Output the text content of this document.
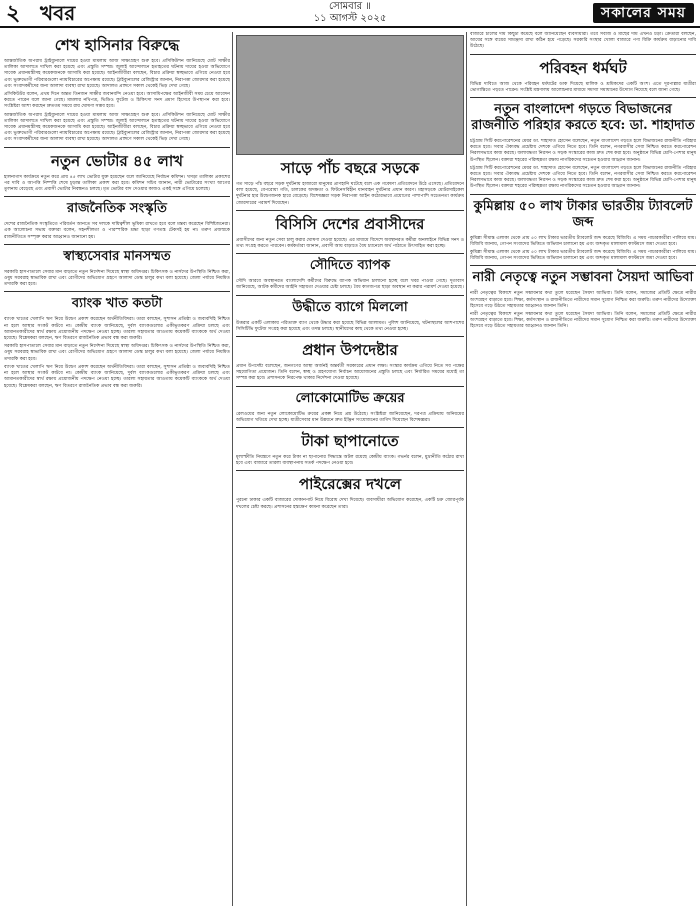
২ খবর	সোমবার ॥
১১ আগস্ট ২০২৫	সকালের সময়
শেখ হাসিনার বিরুদ্ধে

আন্তর্জাতিক অপরাধ ট্রাইব্যুনালে দায়ের হওয়া মামলায় আজ সাক্ষ্যগ্রহণ শুরু হবে। প্রসিকিউশন জানিয়েছে মোট সাক্ষীর তালিকা আদালতে দাখিল করা হয়েছে এবং প্রস্তুতি সম্পন্ন। জুলাই আন্দোলনে হতাহতের ঘটনায় দায়ের হওয়া অভিযোগে সাবেক প্রধানমন্ত্রীসহ কয়েকজনকে আসামি করা হয়েছে। আইনজীবীরা বলছেন, বিচার প্রক্রিয়া স্বচ্ছভাবে এগিয়ে নেওয়া হবে এবং ভুক্তভোগী পরিবারগুলো ন্যায়বিচারের অপেক্ষায় রয়েছে। ট্রাইব্যুনালের রেজিস্ট্রার জানান, নিরাপত্তা জোরদার করা হয়েছে এবং সংবাদকর্মীদের জন্য আলাদা ব্যবস্থা রাখা হয়েছে। আদালত প্রাঙ্গণে সকাল থেকেই ভিড় দেখা গেছে।

প্রসিকিউটর বলেন, প্রথম দিনে অন্তত তিনজন সাক্ষীর জবানবন্দি নেওয়া হবে। আসামিপক্ষের আইনজীবী সময় চেয়ে আবেদন করতে পারেন বলে জানা গেছে। মামলার নথিপত্র, ভিডিও ফুটেজ ও চিকিৎসা সনদ প্রমাণ হিসেবে উপস্থাপন করা হবে। সংশ্লিষ্টরা আশা করছেন দ্রুততম সময়ে রায় ঘোষণা সম্ভব হবে।

আন্তর্জাতিক অপরাধ ট্রাইব্যুনালে দায়ের হওয়া মামলায় আজ সাক্ষ্যগ্রহণ শুরু হবে। প্রসিকিউশন জানিয়েছে মোট সাক্ষীর তালিকা আদালতে দাখিল করা হয়েছে এবং প্রস্তুতি সম্পন্ন। জুলাই আন্দোলনে হতাহতের ঘটনায় দায়ের হওয়া অভিযোগে সাবেক প্রধানমন্ত্রীসহ কয়েকজনকে আসামি করা হয়েছে। আইনজীবীরা বলছেন, বিচার প্রক্রিয়া স্বচ্ছভাবে এগিয়ে নেওয়া হবে এবং ভুক্তভোগী পরিবারগুলো ন্যায়বিচারের অপেক্ষায় রয়েছে। ট্রাইব্যুনালের রেজিস্ট্রার জানান, নিরাপত্তা জোরদার করা হয়েছে এবং সংবাদকর্মীদের জন্য আলাদা ব্যবস্থা রাখা হয়েছে। আদালত প্রাঙ্গণে সকাল থেকেই ভিড় দেখা গেছে।

নতুন ভোটার ৪৫ লাখ

হালনাগাদ কার্যক্রমে নতুন করে প্রায় ৪৫ লাখ ভোটার যুক্ত হয়েছেন বলে জানিয়েছে নির্বাচন কমিশন। খসড়া তালিকা প্রকাশের পর দাবি ও আপত্তি নিষ্পত্তি শেষে চূড়ান্ত তালিকা প্রকাশ করা হবে। কমিশন সচিব জানান, নারী ভোটারের সংখ্যা আগের তুলনায় বেড়েছে এবং প্রবাসী ভোটার নিবন্ধনও চলছে। মৃত ভোটার বাদ দেওয়ার কাজও একই সঙ্গে এগিয়ে চলেছে।

রাজনৈতিক সংস্কৃতি

দেশের রাজনৈতিক সংস্কৃতিতে পরিবর্তন আনতে সব দলকে দায়িত্বশীল ভূমিকা রাখতে হবে বলে মন্তব্য করেছেন বিশিষ্টজনেরা। এক আলোচনা সভায় বক্তারা বলেন, সহনশীলতা ও পারস্পরিক শ্রদ্ধা ছাড়া গণতন্ত্র টেকসই হয় না। তরুণ প্রজন্মকে রাজনীতিতে সম্পৃক্ত করার আহ্বানও জানানো হয়।

স্বাস্থ্যসেবার মানসম্মত

সরকারি হাসপাতালে সেবার মান বাড়াতে নতুন নির্দেশনা দিয়েছে স্বাস্থ্য অধিদপ্তর। চিকিৎসক ও নার্সদের উপস্থিতি নিশ্চিত করা, ওষুধ সরবরাহ স্বাভাবিক রাখা এবং রোগীদের অভিযোগ গ্রহণে আলাদা ডেস্ক চালুর কথা বলা হয়েছে। জেলা পর্যায়ে নিয়মিত তদারকি করা হবে।

ব্যাংক খাত কতটা

ব্যাংক খাতের খেলাপি ঋণ নিয়ে উদ্বেগ প্রকাশ করেছেন অর্থনীতিবিদরা। তারা বলছেন, সুশাসন প্রতিষ্ঠা ও জবাবদিহি নিশ্চিত না হলে আস্থার সংকট কাটবে না। কেন্দ্রীয় ব্যাংক জানিয়েছে, দুর্বল ব্যাংকগুলোর একীভূতকরণ প্রক্রিয়া চলছে এবং আমানতকারীদের স্বার্থ রক্ষায় প্রয়োজনীয় পদক্ষেপ নেওয়া হচ্ছে। তারল্য সহায়তার আওতায় কয়েকটি ব্যাংককে অর্থ দেওয়া হয়েছে। বিশ্লেষকরা বলছেন, ঋণ বিতরণে রাজনৈতিক প্রভাব বন্ধ করা জরুরি।

সরকারি হাসপাতালে সেবার মান বাড়াতে নতুন নির্দেশনা দিয়েছে স্বাস্থ্য অধিদপ্তর। চিকিৎসক ও নার্সদের উপস্থিতি নিশ্চিত করা, ওষুধ সরবরাহ স্বাভাবিক রাখা এবং রোগীদের অভিযোগ গ্রহণে আলাদা ডেস্ক চালুর কথা বলা হয়েছে। জেলা পর্যায়ে নিয়মিত তদারকি করা হবে।

ব্যাংক খাতের খেলাপি ঋণ নিয়ে উদ্বেগ প্রকাশ করেছেন অর্থনীতিবিদরা। তারা বলছেন, সুশাসন প্রতিষ্ঠা ও জবাবদিহি নিশ্চিত না হলে আস্থার সংকট কাটবে না। কেন্দ্রীয় ব্যাংক জানিয়েছে, দুর্বল ব্যাংকগুলোর একীভূতকরণ প্রক্রিয়া চলছে এবং আমানতকারীদের স্বার্থ রক্ষায় প্রয়োজনীয় পদক্ষেপ নেওয়া হচ্ছে। তারল্য সহায়তার আওতায় কয়েকটি ব্যাংককে অর্থ দেওয়া হয়েছে। বিশ্লেষকরা বলছেন, ঋণ বিতরণে রাজনৈতিক প্রভাব বন্ধ করা জরুরি।

সাড়ে পাঁচ বছরে সড়কে

গত সাড়ে পাঁচ বছরে সড়ক দুর্ঘটনায় হাজারো মানুষের প্রাণহানি ঘটেছে বলে এক গবেষণা প্রতিবেদনে উঠে এসেছে। প্রতিবেদনে বলা হয়েছে, বেপরোয়া গতি, চালকের অদক্ষতা ও ফিটনেসবিহীন যানবাহন দুর্ঘটনার প্রধান কারণ। মহাসড়কে মোটরসাইকেল দুর্ঘটনার হার উদ্বেগজনক হারে বেড়েছে। বিশেষজ্ঞরা সড়ক নিরাপত্তা আইন কঠোরভাবে প্রয়োগের পাশাপাশি সচেতনতা কার্যক্রম জোরদারের পরামর্শ দিয়েছেন।

বিসিসি দেশের প্রবাসীদের

প্রবাসীদের জন্য নতুন সেবা চালু করার ঘোষণা দেওয়া হয়েছে। এর মাধ্যমে বিদেশে অবস্থানরত কর্মীরা অনলাইনে বিভিন্ন সনদ ও তথ্য সংগ্রহ করতে পারবেন। কর্মকর্তারা জানান, প্রবাসী আয় বাড়াতে বৈধ চ্যানেলে অর্থ পাঠাতে উৎসাহিত করা হচ্ছে।

সৌদিতে ব্যাপক

সৌদি আরবে অবস্থানরত বাংলাদেশি কর্মীদের বিরুদ্ধে ব্যাপক অভিযান চালানো হচ্ছে বলে খবর পাওয়া গেছে। দূতাবাস জানিয়েছে, আটক কর্মীদের আইনি সহায়তা দেওয়ার চেষ্টা চলছে। বৈধ কাগজপত্র ছাড়া অবস্থান না করার পরামর্শ দেওয়া হয়েছে।

উদ্ধীতে ব্যাগে মিললো

উত্তরার একটি এলাকায় পরিত্যক্ত ব্যাগ থেকে উদ্ধার করা হয়েছে বিভিন্ন আলামত। পুলিশ জানিয়েছে, ঘটনাস্থলের আশপাশের সিসিটিভি ফুটেজ সংগ্রহ করা হয়েছে এবং তদন্ত চলছে। স্থানীয়দের কাছ থেকে তথ্য নেওয়া হচ্ছে।

প্রধান উপদেষ্টার

প্রধান উপদেষ্টা বলেছেন, জনগণের আস্থা অর্জনই অন্তর্বর্তী সরকারের প্রধান লক্ষ্য। সংস্কার কার্যক্রম এগিয়ে নিতে সব পক্ষের সহযোগিতা প্রয়োজন। তিনি বলেন, স্বচ্ছ ও গ্রহণযোগ্য নির্বাচন আয়োজনের প্রস্তুতি চলছে এবং নির্ধারিত সময়ের মধ্যেই তা সম্পন্ন করা হবে। প্রশাসনকে নিরপেক্ষ থাকার নির্দেশনা দেওয়া হয়েছে।

লোকোমোটিভ ক্রয়ের

রেলওয়ের জন্য নতুন লোকোমোটিভ ক্রয়ের প্রকল্প নিয়ে প্রশ্ন উঠেছে। সংশ্লিষ্টরা জানিয়েছেন, দরপত্র প্রক্রিয়ায় অনিয়মের অভিযোগ খতিয়ে দেখা হচ্ছে। যাত্রীসেবার মান উন্নয়নে দ্রুত ইঞ্জিন সংযোজনের তাগিদ দিয়েছেন বিশেষজ্ঞরা।

টাকা ছাপানোতে

মূল্যস্ফীতি নিয়ন্ত্রণে নতুন করে টাকা না ছাপানোর সিদ্ধান্তে অটল রয়েছে কেন্দ্রীয় ব্যাংক। গভর্নর বলেন, মুদ্রানীতি কঠোর রাখা হবে এবং বাজারে তারল্য ব্যবস্থাপনায় সতর্ক পদক্ষেপ নেওয়া হবে।

পাইরেক্সের দখলে

পুরনো ঢাকার একটি বাজারের দোকানপাট নিয়ে বিরোধ দেখা দিয়েছে। ব্যবসায়ীরা অভিযোগ করেছেন, একটি চক্র জোরপূর্বক দখলের চেষ্টা করছে। প্রশাসনের হস্তক্ষেপ কামনা করেছেন তারা।

বাজারে চালের দাম কিছুটা কমেছে বলে জানিয়েছেন ব্যবসায়ীরা। তবে সবজি ও মাছের দাম এখনও চড়া। ক্রেতারা বলছেন, আয়ের সঙ্গে ব্যয়ের সামঞ্জস্য রাখা কঠিন হয়ে পড়েছে। সরকারি সংস্থার খোলা বাজারে পণ্য বিক্রি কার্যক্রম বাড়ানোর দাবি উঠেছে।

পরিবহন ধর্মঘট

বিভিন্ন দাবিতে আজ থেকে পরিবহন ধর্মঘটের ডাক দিয়েছে মালিক ও শ্রমিকদের একটি অংশ। এতে দূরপাল্লার যাত্রীরা ভোগান্তিতে পড়তে পারেন। সংশ্লিষ্ট মন্ত্রণালয় আলোচনার মাধ্যমে সমস্যা সমাধানের উদ্যোগ নিয়েছে বলে জানা গেছে।

নতুন বাংলাদেশ গড়তে বিভাজনের রাজনীতি পরিহার করতে হবে: ডা. শাহাদাত

চট্টগ্রাম সিটি করপোরেশনের মেয়র ডা. শাহাদাত হোসেন বলেছেন, নতুন বাংলাদেশ গড়তে হলে বিভাজনের রাজনীতি পরিহার করতে হবে। সবার ঐক্যবদ্ধ প্রচেষ্টায় দেশকে এগিয়ে নিতে হবে। তিনি বলেন, নগরবাসীর সেবা নিশ্চিত করতে করপোরেশন নিরলসভাবে কাজ করছে। জলাবদ্ধতা নিরসন ও সড়ক সংস্কারের কাজ দ্রুত শেষ করা হবে। অনুষ্ঠানে বিভিন্ন শ্রেণি-পেশার মানুষ উপস্থিত ছিলেন। বক্তারা শহরের পরিচ্ছন্নতা রক্ষায় নাগরিকদের সচেতন হওয়ার আহ্বান জানান।

চট্টগ্রাম সিটি করপোরেশনের মেয়র ডা. শাহাদাত হোসেন বলেছেন, নতুন বাংলাদেশ গড়তে হলে বিভাজনের রাজনীতি পরিহার করতে হবে। সবার ঐক্যবদ্ধ প্রচেষ্টায় দেশকে এগিয়ে নিতে হবে। তিনি বলেন, নগরবাসীর সেবা নিশ্চিত করতে করপোরেশন নিরলসভাবে কাজ করছে। জলাবদ্ধতা নিরসন ও সড়ক সংস্কারের কাজ দ্রুত শেষ করা হবে। অনুষ্ঠানে বিভিন্ন শ্রেণি-পেশার মানুষ উপস্থিত ছিলেন। বক্তারা শহরের পরিচ্ছন্নতা রক্ষায় নাগরিকদের সচেতন হওয়ার আহ্বান জানান।

কুমিল্লায় ৫০ লাখ টাকার ভারতীয় ট্যাবলেট জব্দ

কুমিল্লা সীমান্ত এলাকা থেকে প্রায় ৫০ লাখ টাকার ভারতীয় ট্যাবলেট জব্দ করেছে বিজিবি। এ সময় পাচারকারীরা পালিয়ে যায়। বিজিবি জানায়, গোপন সংবাদের ভিত্তিতে অভিযান চালানো হয় এবং জব্দকৃত মালামাল কাস্টমসে জমা দেওয়া হবে।

কুমিল্লা সীমান্ত এলাকা থেকে প্রায় ৫০ লাখ টাকার ভারতীয় ট্যাবলেট জব্দ করেছে বিজিবি। এ সময় পাচারকারীরা পালিয়ে যায়। বিজিবি জানায়, গোপন সংবাদের ভিত্তিতে অভিযান চালানো হয় এবং জব্দকৃত মালামাল কাস্টমসে জমা দেওয়া হবে।

নারী নেতৃত্বে নতুন সম্ভাবনা সৈয়দা আভিবা

নারী নেতৃত্বের বিকাশে নতুন সম্ভাবনার কথা তুলে ধরেছেন সৈয়দা আভিবা। তিনি বলেন, সমাজের প্রতিটি ক্ষেত্রে নারীর অংশগ্রহণ বাড়াতে হবে। শিক্ষা, কর্মসংস্থান ও রাজনীতিতে নারীদের সমান সুযোগ নিশ্চিত করা জরুরি। তরুণ নারীদের উদ্যোক্তা হিসেবে গড়ে উঠতে সহায়তার আহ্বানও জানান তিনি।

নারী নেতৃত্বের বিকাশে নতুন সম্ভাবনার কথা তুলে ধরেছেন সৈয়দা আভিবা। তিনি বলেন, সমাজের প্রতিটি ক্ষেত্রে নারীর অংশগ্রহণ বাড়াতে হবে। শিক্ষা, কর্মসংস্থান ও রাজনীতিতে নারীদের সমান সুযোগ নিশ্চিত করা জরুরি। তরুণ নারীদের উদ্যোক্তা হিসেবে গড়ে উঠতে সহায়তার আহ্বানও জানান তিনি।
